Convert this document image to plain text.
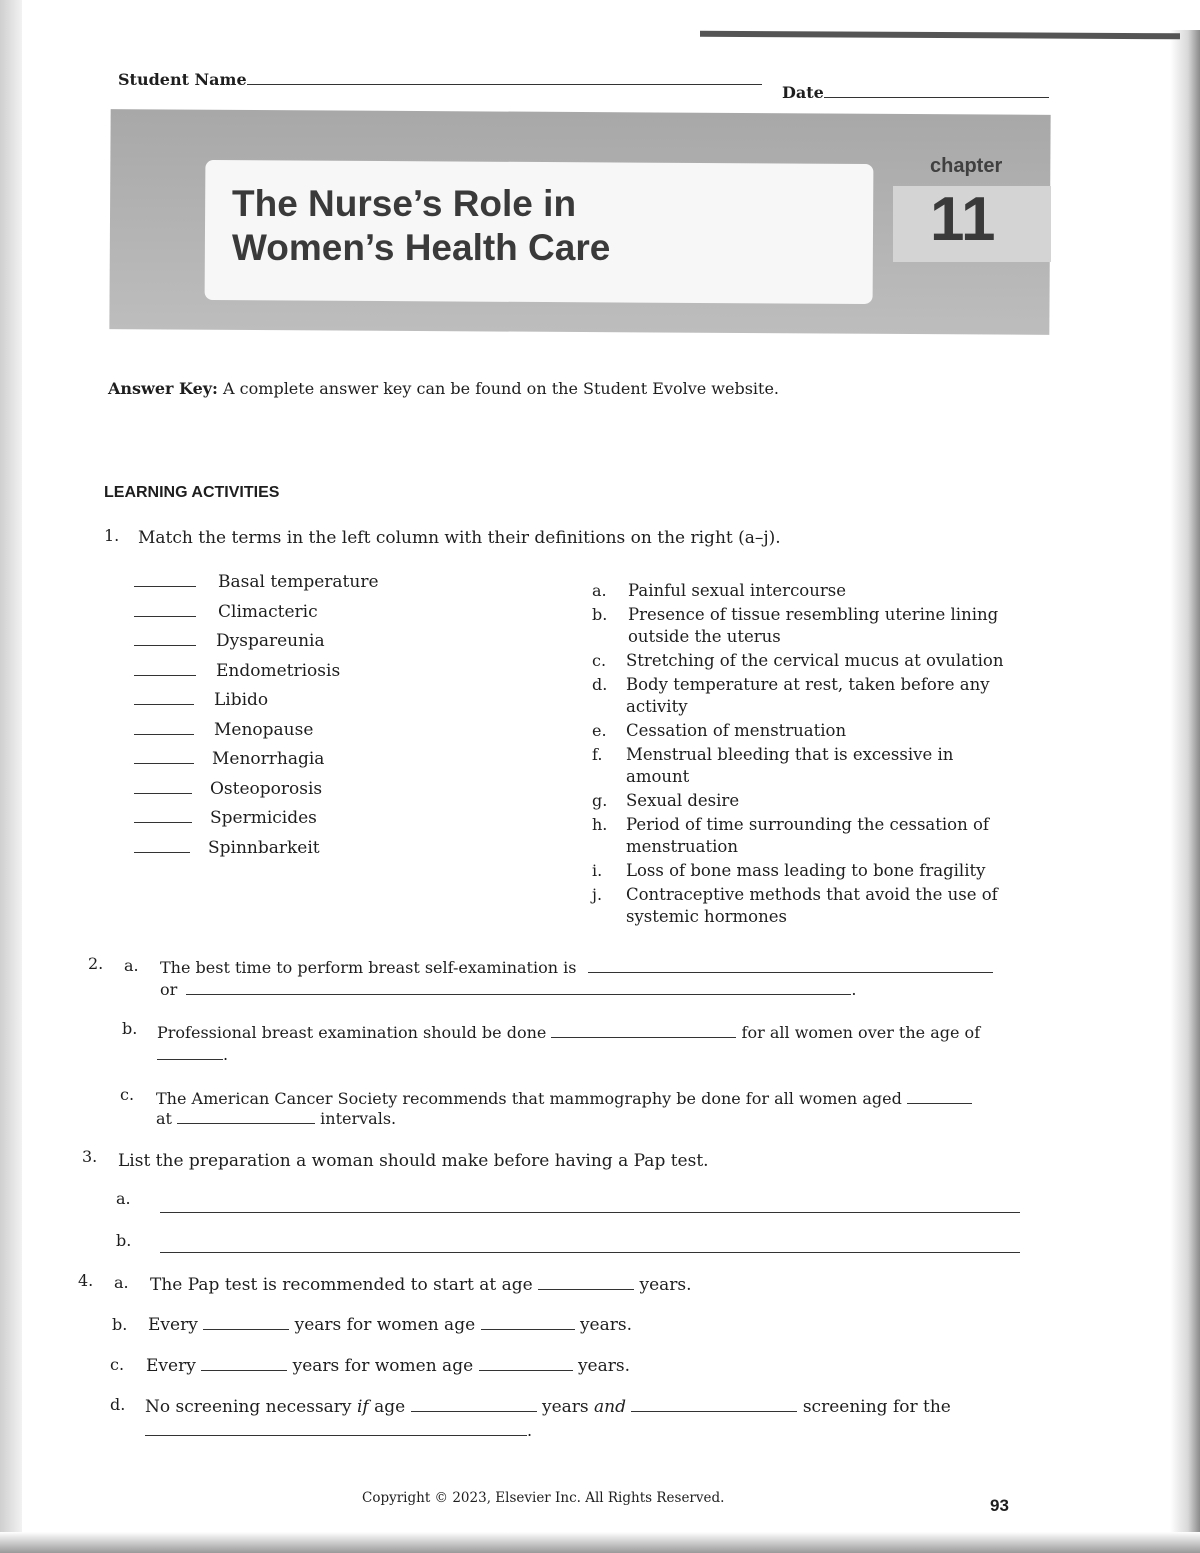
Student Name
Date
The Nurse’s Role in
Women’s Health Care
chapter
11
Answer Key: A complete answer key can be found on the Student Evolve website.
LEARNING ACTIVITIES
1. Match the terms in the left column with their definitions on the right (a–j).
Basal temperature
Climacteric
Dyspareunia
Endometriosis
Libido
Menopause
Menorrhagia
Osteoporosis
Spermicides
Spinnbarkeit
a.	Painful sexual intercourse
b.	Presence of tissue resembling uterine lining outside the uterus
c.	Stretching of the cervical mucus at ovulation
d.	Body temperature at rest, taken before any activity
e.	Cessation of menstruation
f.	Menstrual bleeding that is excessive in amount
g.	Sexual desire
h.	Period of time surrounding the cessation of menstruation
i.	Loss of bone mass leading to bone fragility
j.	Contraceptive methods that avoid the use of systemic hormones
2. a. The best time to perform breast self-examination is
or	.
b. Professional breast examination should be done	for all women over the age of
.
c. The American Cancer Society recommends that mammography be done for all women aged
at	intervals.
3. List the preparation a woman should make before having a Pap test.
a.
b.
4. a. The Pap test is recommended to start at age	years.
b. Every	years for women age	years.
c. Every	years for women age	years.
d. No screening necessary if age	years and	screening for the
.
Copyright © 2023, Elsevier Inc. All Rights Reserved.	93
